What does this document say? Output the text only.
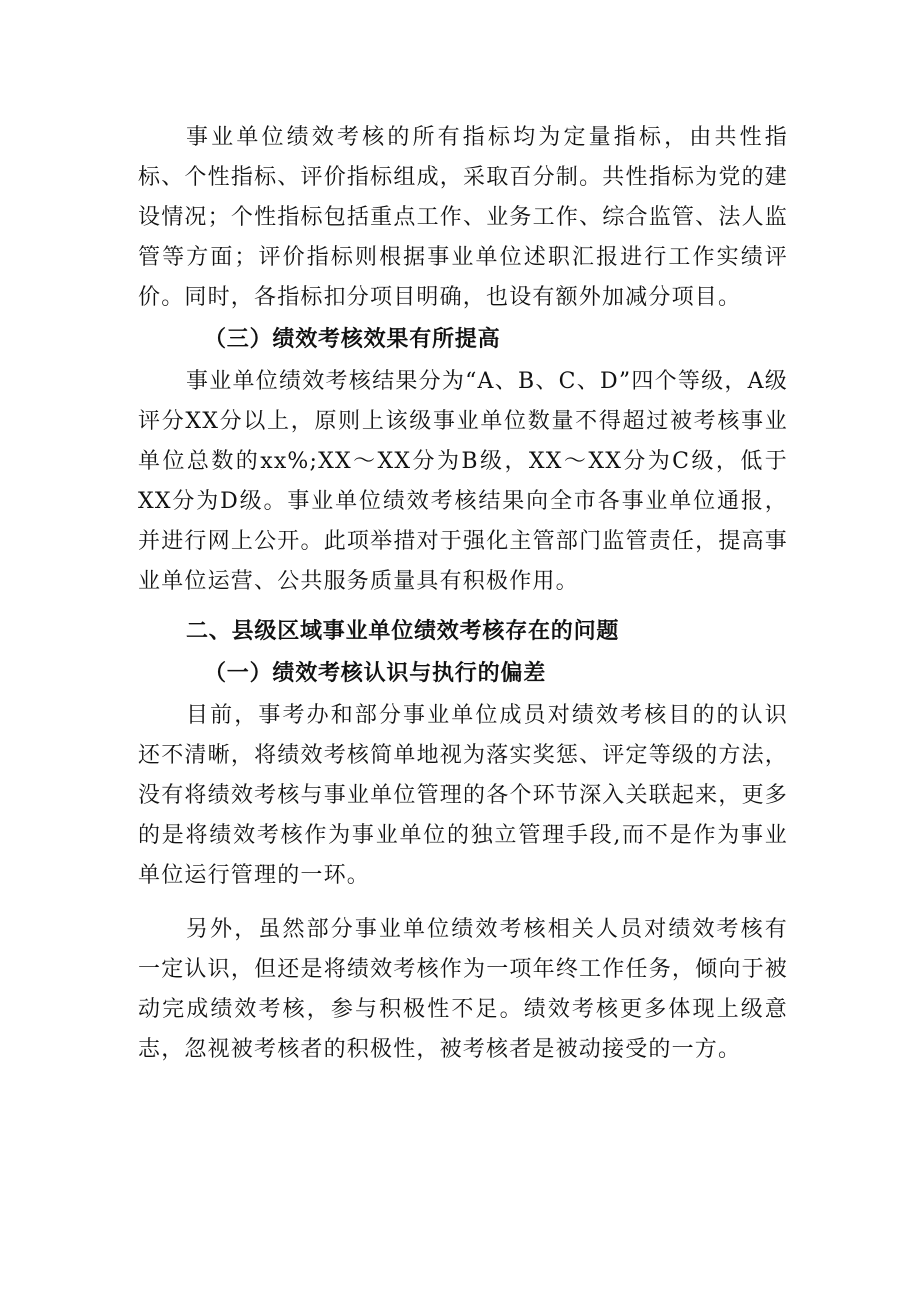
事业单位绩效考核的所有指标均为定量指标，由共性指标、个性指标、评价指标组成，采取百分制。共性指标为党的建设情况；个性指标包括重点工作、业务工作、综合监管、法人监管等方面；评价指标则根据事业单位述职汇报进行工作实绩评价。同时，各指标扣分项目明确，也设有额外加减分项目。

（三）绩效考核效果有所提高

事业单位绩效考核结果分为“A、B、C、D”四个等级，A级评分XX分以上，原则上该级事业单位数量不得超过被考核事业单位总数的xx%;XX～XX分为B级，XX～XX分为C级，低于XX分为D级。事业单位绩效考核结果向全市各事业单位通报，并进行网上公开。此项举措对于强化主管部门监管责任，提高事业单位运营、公共服务质量具有积极作用。

二、县级区域事业单位绩效考核存在的问题

（一）绩效考核认识与执行的偏差

目前，事考办和部分事业单位成员对绩效考核目的的认识还不清晰，将绩效考核简单地视为落实奖惩、评定等级的方法，没有将绩效考核与事业单位管理的各个环节深入关联起来，更多的是将绩效考核作为事业单位的独立管理手段,而不是作为事业单位运行管理的一环。

另外，虽然部分事业单位绩效考核相关人员对绩效考核有一定认识，但还是将绩效考核作为一项年终工作任务，倾向于被动完成绩效考核，参与积极性不足。绩效考核更多体现上级意志，忽视被考核者的积极性，被考核者是被动接受的一方。
